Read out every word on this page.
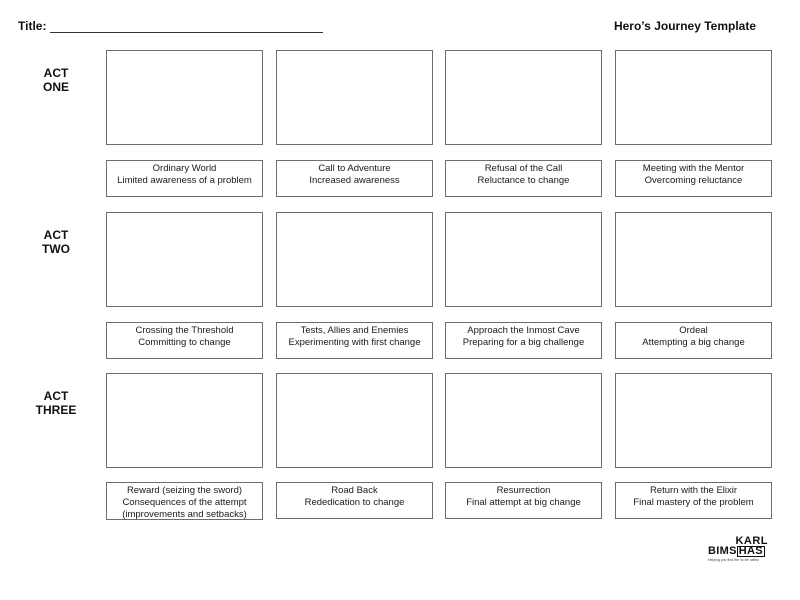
Title:	Hero’s Journey Template
ACT
ONE
ACT
TWO
ACT
THREE
Ordinary World
Limited awareness of a problem
Call to Adventure
Increased awareness
Refusal of the Call
Reluctance to change
Meeting with the Mentor
Overcoming reluctance
Crossing the Threshold
Committing to change
Tests, Allies and Enemies
Experimenting with first change
Approach the Inmost Cave
Preparing for a big challenge
Ordeal
Attempting a big change
Reward (seizing the sword)
Consequences of the attempt
(improvements and setbacks)
Road Back
Rededication to change
Resurrection
Final attempt at big change
Return with the Elixir
Final mastery of the problem
KARL
BIMS HAS
Helping you find the ‘to be’ within
